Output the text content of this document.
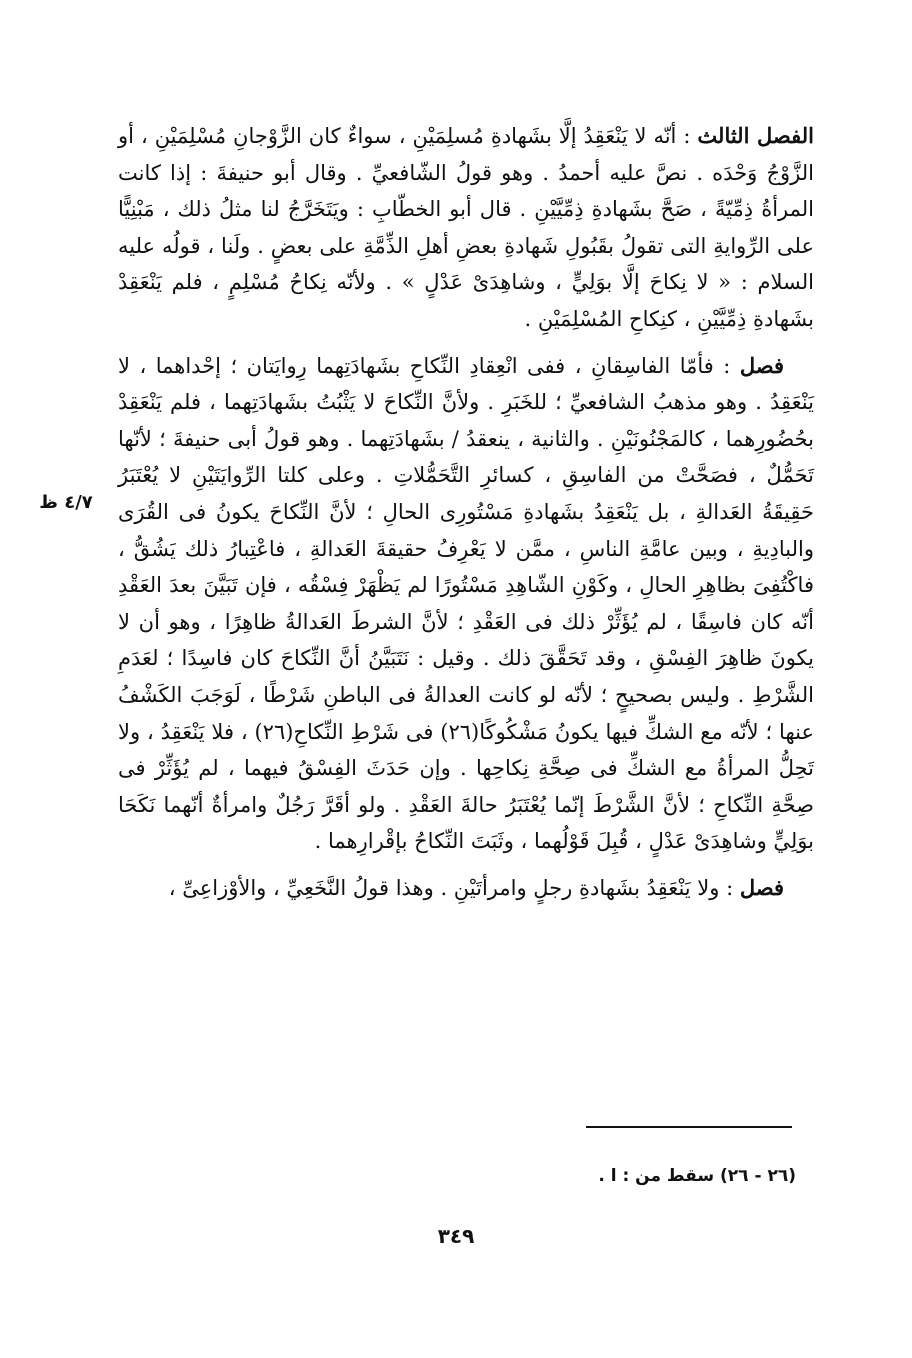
الفصل الثالث : أنّه لا يَنْعَقِدُ إلَّا بشَهادةِ مُسلِمَيْنِ ، سواءٌ كان الزَّوْجانِ مُسْلِمَيْنِ ، أو الزَّوْجُ وَحْدَه . نصَّ عليه أحمدُ . وهو قولُ الشّافعيِّ . وقال أبو حنيفةَ : إذا كانت المرأةُ ذِمِّيّةً ، صَحَّ بشَهادةِ ذِمِّيَّيْنِ . قال أبو الخطّابِ : ويَتَخَرَّجُ لنا مثلُ ذلك ، مَبْنِيًّا على الرِّوايةِ التى تقولُ بقَبُولِ شَهادةِ بعضِ أهلِ الذِّمَّةِ على بعضٍ . ولَنا ، قولُه عليه السلام : « لا نِكاحَ إلَّا بوَلِيٍّ ، وشاهِدَىْ عَدْلٍ » . ولأنّه نِكاحُ مُسْلِمٍ ، فلم يَنْعَقِدْ بشَهادةِ ذِمِّيَّيْنِ ، كنِكاحِ المُسْلِمَيْنِ .

فصل : فأمّا الفاسِقانِ ، ففى انْعِقادِ النِّكاحِ بشَهادَتِهما رِوايَتان ؛ إحْداهما ، لا يَنْعَقِدُ . وهو مذهبُ الشافعيِّ ؛ للخَبَرِ . ولأنَّ النِّكاحَ لا يَثْبُتُ بشَهادَتِهما ، فلم يَنْعَقِدْ بحُضُورِهما ، كالمَجْنُونَيْنِ . والثانية ، ينعقدُ / بشَهادَتِهما . وهو قولُ أبى حنيفةَ ؛ لأنّها تَحَمُّلٌ ، فصَحَّتْ من الفاسِقِ ، كسائرِ التَّحَمُّلاتِ . وعلى كلتا الرِّوايَتَيْنِ لا يُعْتَبَرُ حَقِيقَةُ العَدالةِ ، بل يَنْعَقِدُ بشَهادةِ مَسْتُورِى الحالِ ؛ لأنَّ النِّكاحَ يكونُ فى القُرَى والبادِيةِ ، وبين عامَّةِ الناسِ ، ممَّن لا يَعْرِفُ حقيقةَ العَدالةِ ، فاعْتِبارُ ذلك يَشُقُّ ، فاكْتُفِىَ بظاهِرِ الحالِ ، وكَوْنِ الشّاهِدِ مَسْتُورًا لم يَظْهَرْ فِسْقُه ، فإن تَبَيَّنَ بعدَ العَقْدِ أنّه كان فاسِقًا ، لم يُؤَثِّرْ ذلك فى العَقْدِ ؛ لأنَّ الشرطَ العَدالةُ ظاهِرًا ، وهو أن لا يكونَ ظاهِرَ الفِسْقِ ، وقد تَحَقَّقَ ذلك . وقيل : نَتَبَيَّنُ أنَّ النِّكاحَ كان فاسِدًا ؛ لعَدَمِ الشَّرْطِ . وليس بصحيحٍ ؛ لأنّه لو كانت العدالةُ فى الباطنِ شَرْطًا ، لَوَجَبَ الكَشْفُ عنها ؛ لأنّه مع الشكِّ فيها يكونُ مَشْكُوكًا(٢٦) فى شَرْطِ النِّكاحِ(٢٦) ، فلا يَنْعَقِدُ ، ولا تَحِلُّ المرأةُ مع الشكِّ فى صِحَّةِ نِكاحِها . وإن حَدَثَ الفِسْقُ فيهما ، لم يُؤَثِّرْ فى صِحَّةِ النِّكاحِ ؛ لأنَّ الشَّرْطَ إنّما يُعْتَبَرُ حالةَ العَقْدِ . ولو أقَرَّ رَجُلٌ وامرأةٌ أنّهما نَكَحَا بوَلِيٍّ وشاهِدَىْ عَدْلٍ ، قُبِلَ قَوْلُهما ، وثَبَتَ النِّكاحُ بإقْرارِهما .

فصل : ولا يَنْعَقِدُ بشَهادةِ رجلٍ وامرأتَيْنِ . وهذا قولُ النَّخَعِيِّ ، والأوْزاعِىِّ ،

٤/٧ ظ
(٢٦ - ٢٦) سقط من : ا .
٣٤٩
